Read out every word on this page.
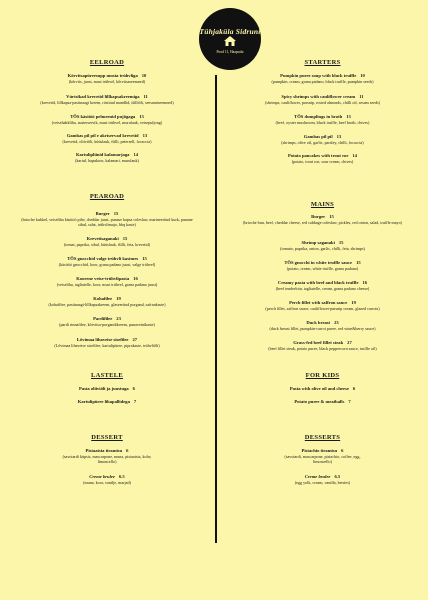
Tühjaküla Sidruni
Pood 11, Haapsalu
EELROAD
Kõrvitsapüreesupp musta trühvliga 10
(kõrvits, juust, must trühvel, kõrvitsaseemned)
Vürtsikad krevetid lillkapsakreemiga 11
(krevetid, lillkapsa-pastinaagi kreem, röstitud mandlid, tšilliõli, seesamiseemned)
TÕS käsitöö pelmeenid pujõgaga 13
(veisehakkliha, austerservik, must trühvel, murulauk, veisepuljong)
Gambas pil pil e akriservad krevetid 13
(krevetid, oliiviõli, küüslauk, tšilli, petersell, focaccia)
Kartulipliinid kalamarjaga 14
(kartul, hapukoor, kalamari, murulauk)
PEAROAD
Burger 15
(brioche kukkel, veiseliha käsitöö pihv, cheddar juust, punase kapsa coleslaw, marineeritud kurk, punane sibul, salat, trühvlimajo, bbq kaste)
Krevetisaganaki 15
(tomat, paprika, sibul, küüslauk, tšilli, feta, krevetid)
TÕS gnocchid valge trühvli kastmes 15
(käsitöö gnocchid, koor, grana padano juust, valge trühvel)
Koorene veise-trühvlipasta 16
(veiseliha, tagliatelle, koor, must trühvel, grana padano juust)
Kohafilee 19
(kohafilee, pastinaagi-lillkapsakreem, glaseeritud porgand, safrankaste)
Pardifilee 23
(pardi rinnafilee, kõrvitsa-porgandikreem, punaveinikaste)
Lõvimaa lihaveise sisefilee 27
(Lõvimaa lihaveise sisefilee, kartulipüree, piprakaste, trühvliõli)
LASTELE
Pasta oliiviõli ja juustuga 6
Kartulipüree lihapallidega 7
DESSERT
Pistaatsia tiramisu 6
(savoiardi küpsis, mascarpone, muna, pistaatsia, kohv, limoncello)
Creme brulee 6.5
(muna, koor, vanilje, marjad)
STARTERS
Pumpkin puree soup with black truffle 10
(pumpkin, cream, grana padano, black truffle, pumpkin seeds)
Spicy shrimps with cauliflower cream 11
(shrimps, cauliflower, parsnip, rosted almonds, chilli oil, sesam seeds)
TÕS dumplings in broth 13
(beef, oyster mushroom, black truffle, beef broth, chives)
Gambas pil pil 13
(shrimps, olive oil, garlic, parsley, chilli, focaccia)
Potato pancakes with trout roe 14
(potato, trout roe, sour cream, chives)
MAINS
Burger 15
(brioche bun, beef, cheddar cheese, red cabbage coleslaw, pickles, red onion, salad, truffle mayo)
Shrimp saganaki 15
(tomato, paprika, onion, garlic, chilli, feta, shrimps)
TÕS gnocchi in white truffle sauce 15
(potato, cream, white truffle, grana padano)
Creamy pasta with beef and black truffle 16
(beef tenderloin, tagliatelle, cream, grana padano cheese)
Perch fillet with saffron sauce 19
(perch fillet, saffron sauce, cauliflower-parsnip cream, glazed carrots)
Duck breast 23
(duck breast fillet, pumpkin-carrot puree, red wine&berry sauce)
Grass-fed beef fillet steak 27
(beef fillet steak, potato puree, black peppercorn sauce, truffle oil)
FOR KIDS
Pasta with olive oil and cheese 6
Potato puree & meatballs 7
DESSERTS
Pistachio tiramisu 6
(savoiardi, mascarpone, pistachio, coffee, egg, limoncello)
Creme brulee 6.5
(egg yolk, cream, vanilla, berries)
